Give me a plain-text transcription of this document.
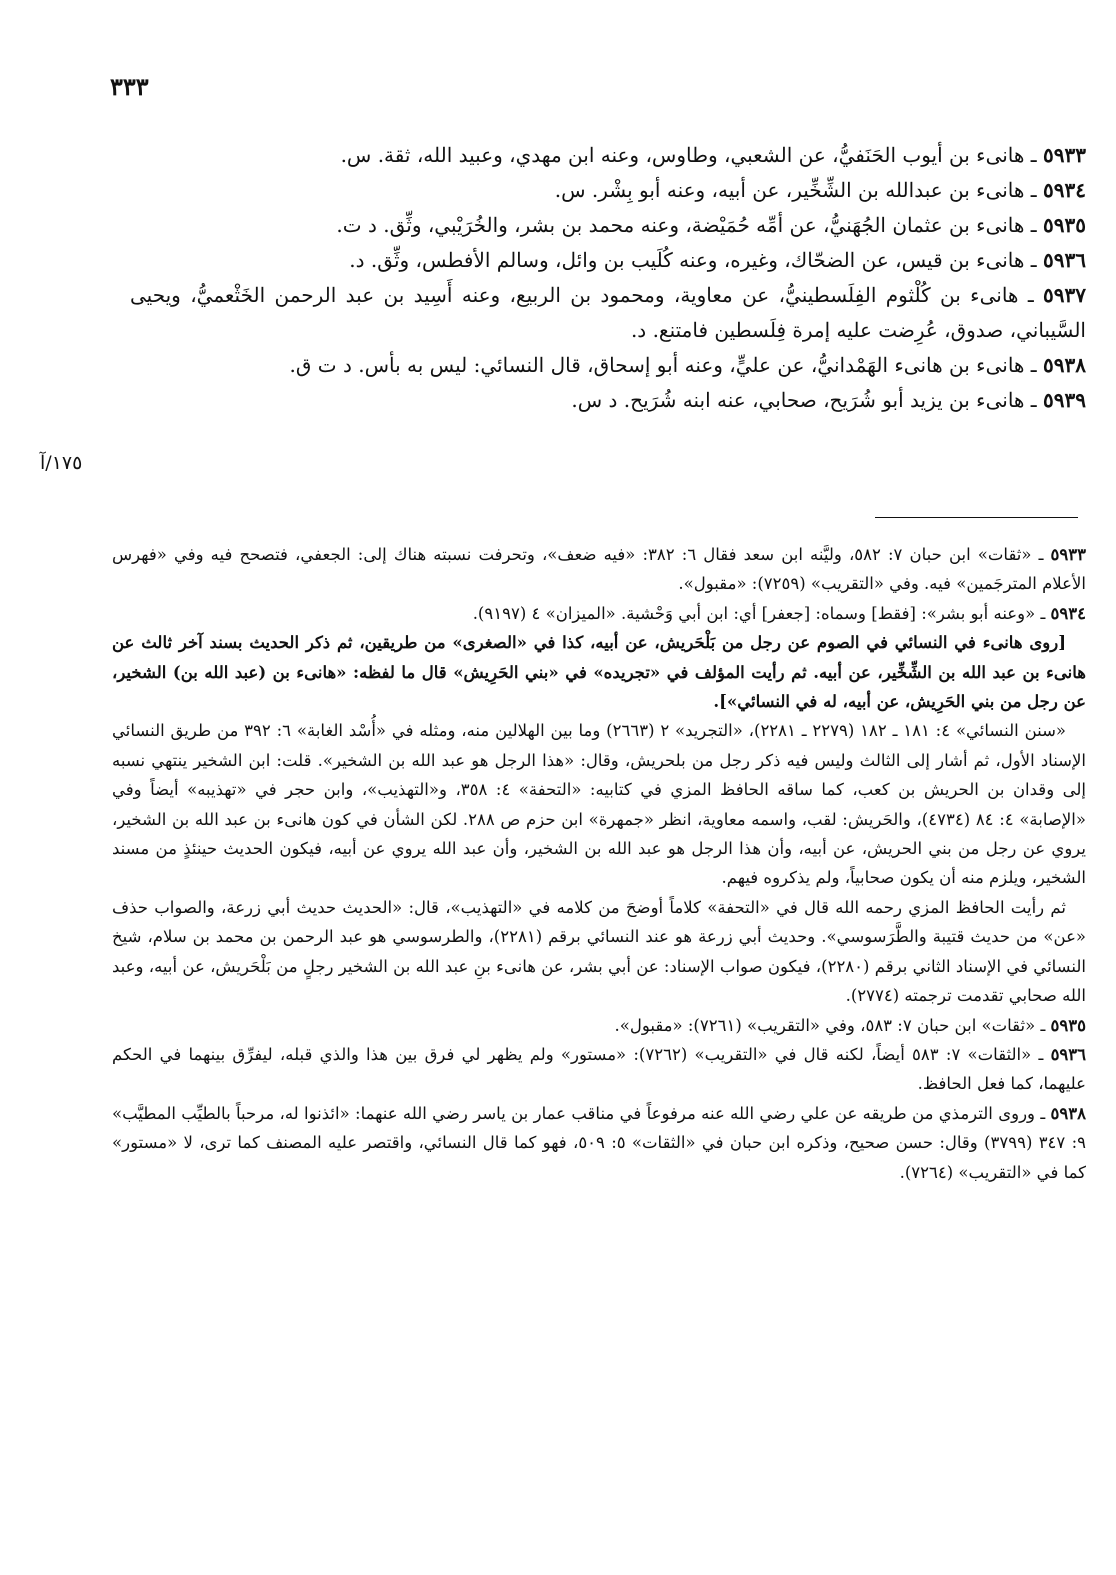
٣٣٣

٥٩٣٣ ـ هانىء بن أيوب الحَنَفيُّ، عن الشعبي، وطاوس، وعنه ابن مهدي، وعبيد الله، ثقة. س.

٥٩٣٤ ـ هانىء بن عبدالله بن الشِّخِّير، عن أبيه، وعنه أبو بِشْر. س.

٥٩٣٥ ـ هانىء بن عثمان الجُهَنيُّ، عن أمِّه حُمَيْضة، وعنه محمد بن بشر، والخُرَيْبي، وثِّق. د ت.

٥٩٣٦ ـ هانىء بن قيس، عن الضحّاك، وغيره، وعنه كُلَيب بن وائل، وسالم الأفطس، وثِّق. د.

٥٩٣٧ ـ هانىء بن كُلْثوم الفِلَسطينيُّ، عن معاوية، ومحمود بن الربيع، وعنه أَسِيد بن عبد الرحمن الخَثْعميُّ، ويحيى السَّيباني، صدوق، عُرِضت عليه إمرة فِلَسطين فامتنع. د.

٥٩٣٨ ـ هانىء بن هانىء الهَمْدانيُّ، عن عليٍّ، وعنه أبو إسحاق، قال النسائي: ليس به بأس. د ت ق.

٥٩٣٩ ـ هانىء بن يزيد أبو شُرَيح، صحابي، عنه ابنه شُرَيح. د س.

١٧٥/آ

٥٩٣٣ ـ «ثقات» ابن حبان ٧: ٥٨٢، وليَّنه ابن سعد فقال ٦: ٣٨٢: «فيه ضعف»، وتحرفت نسبته هناك إلى: الجعفي، فتصحح فيه وفي «فهرس الأعلام المترجَمين» فيه. وفي «التقريب» (٧٢٥٩): «مقبول».

٥٩٣٤ ـ «وعنه أبو بشر»: [فقط] وسماه: [جعفر] أي: ابن أبي وَحْشية. «الميزان» ٤ (٩١٩٧).

[روى هانىء في النسائي في الصوم عن رجل من بَلْحَريش، عن أبيه، كذا في «الصغرى» من طريقين، ثم ذكر الحديث بسند آخر ثالث عن هانىء بن عبد الله بن الشِّخِّير، عن أبيه. ثم رأيت المؤلف في «تجريده» في «بني الحَرِيش» قال ما لفظه: «هانىء بن (عبد الله بن) الشخير، عن رجل من بني الحَرِيش، عن أبيه، له في النسائي»].

«سنن النسائي» ٤: ١٨١ ـ ١٨٢ (٢٢٧٩ ـ ٢٢٨١)، «التجريد» ٢ (٢٦٦٣) وما بين الهلالين منه، ومثله في «أُسْد الغابة» ٦: ٣٩٢ من طريق النسائي الإسناد الأول، ثم أشار إلى الثالث وليس فيه ذكر رجل من بلحريش، وقال: «هذا الرجل هو عبد الله بن الشخير». قلت: ابن الشخير ينتهي نسبه إلى وقدان بن الحريش بن كعب، كما ساقه الحافظ المزي في كتابيه: «التحفة» ٤: ٣٥٨، و«التهذيب»، وابن حجر في «تهذيبه» أيضاً وفي «الإصابة» ٤: ٨٤ (٤٧٣٤)، والحَريش: لقب، واسمه معاوية، انظر «جمهرة» ابن حزم ص ٢٨٨. لكن الشأن في كون هانىء بن عبد الله بن الشخير، يروي عن رجل من بني الحريش، عن أبيه، وأن هذا الرجل هو عبد الله بن الشخير، وأن عبد الله يروي عن أبيه، فيكون الحديث حينئذٍ من مسند الشخير، ويلزم منه أن يكون صحابياً، ولم يذكروه فيهم.

ثم رأيت الحافظ المزي رحمه الله قال في «التحفة» كلاماً أوضحَ من كلامه في «التهذيب»، قال: «الحديث حديث أبي زرعة، والصواب حذف «عن» من حديث قتيبة والطَّرَسوسي». وحديث أبي زرعة هو عند النسائي برقم (٢٢٨١)، والطرسوسي هو عبد الرحمن بن محمد بن سلام، شيخ النسائي في الإسناد الثاني برقم (٢٢٨٠)، فيكون صواب الإسناد: عن أبي بشر، عن هانىء بنِ عبد الله بن الشخير رجلٍ من بَلْحَريش، عن أبيه، وعبد الله صحابي تقدمت ترجمته (٢٧٧٤).

٥٩٣٥ ـ «ثقات» ابن حبان ٧: ٥٨٣، وفي «التقريب» (٧٢٦١): «مقبول».

٥٩٣٦ ـ «الثقات» ٧: ٥٨٣ أيضاً، لكنه قال في «التقريب» (٧٢٦٢): «مستور» ولم يظهر لي فرق بين هذا والذي قبله، ليفرِّق بينهما في الحكم عليهما، كما فعل الحافظ.

٥٩٣٨ ـ وروى الترمذي من طريقه عن علي رضي الله عنه مرفوعاً في مناقب عمار بن ياسر رضي الله عنهما: «ائذنوا له، مرحباً بالطيِّب المطيَّب» ٩: ٣٤٧ (٣٧٩٩) وقال: حسن صحيح، وذكره ابن حبان في «الثقات» ٥: ٥٠٩، فهو كما قال النسائي، واقتصر عليه المصنف كما ترى، لا «مستور» كما في «التقريب» (٧٢٦٤).
